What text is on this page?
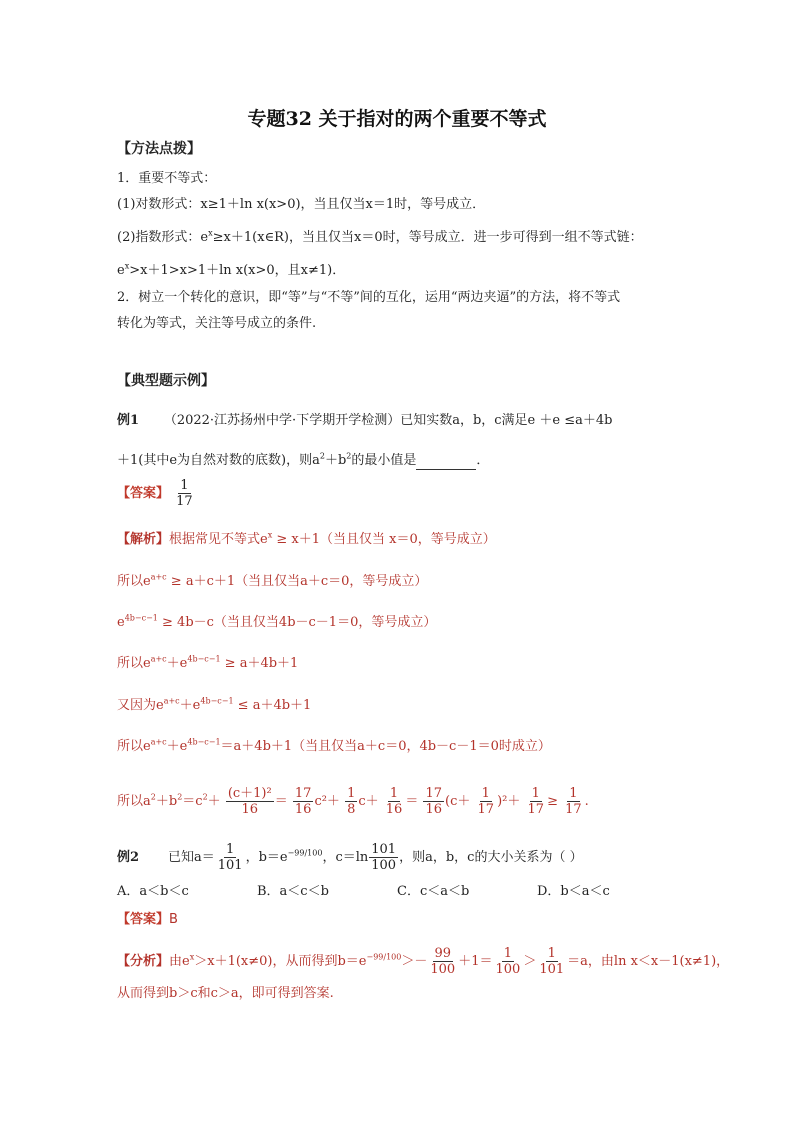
专题32 关于指对的两个重要不等式
【方法点拨】
1．重要不等式：
(1)对数形式：x≥1＋ln x(x>0)，当且仅当x＝1时，等号成立．
(2)指数形式：$e^x\ge x+1(x\in R)$，当且仅当x＝0时，等号成立．进一步可得到一组不等式链：
$e^x>x+1>x>1+\ln$ x(x>0，且x≠1)．
2．树立一个转化的意识，即“等”与“不等”间的互化，运用“两边夹逼”的方法，将不等式
转化为等式，关注等号成立的条件.
【典型题示例】
例1 （2022·江苏扬州中学·下学期开学检测）已知实数a，b，c满足e ＋e ≤a＋4b
＋1(其中e为自然对数的底数)，则$a^2+b^2$的最小值是	．
【答案】 $\frac{1}{17}$
【解析】根据常见不等式$e^x \ge x+1$（当且仅当 x＝0，等号成立）
所以$e^{a+c} \ge a+c+1$（当且仅当a＋c＝0，等号成立）
$e^{4b-c-1} \ge 4b-c$（当且仅当4b－c－1＝0，等号成立）
所以$e^{a+c}+e^{4b-c-1} \ge a+4b+1$
又因为$e^{a+c}+e^{4b-c-1} \le a+4b+1$
所以$e^{a+c}+e^{4b-c-1}=a+4b+1$（当且仅当a＋c＝0，4b－c－1＝0时成立）
所以$a^2+b^2=c^2+ \frac{\text{(c＋1)²}}{16} = \frac{17}{16} c^2+ \frac{1}{8} c+ \frac{1}{16} = \frac{17}{16} (c+ \frac{1}{17} )^2+ \frac{1}{17} \ge \frac{1}{17}$ .
例2 已知$a= \frac{1}{101}$ ，$b=e^{-99/100}$，$c=\ln \frac{101}{100}$ ，则a，b，c的大小关系为（ ）
A．a＜b＜c	B．a＜c＜b	C．c＜a＜b	D．b＜a＜c
【答案】B
【分析】由$e^x>x+1(x\ne 0)$，从而得到$b=e^{-99/100}>- \frac{99}{100} +1= \frac{1}{100} > \frac{1}{101} =a$，由ln x＜x－1(x≠1)，
从而得到b＞c和c＞a，即可得到答案.
